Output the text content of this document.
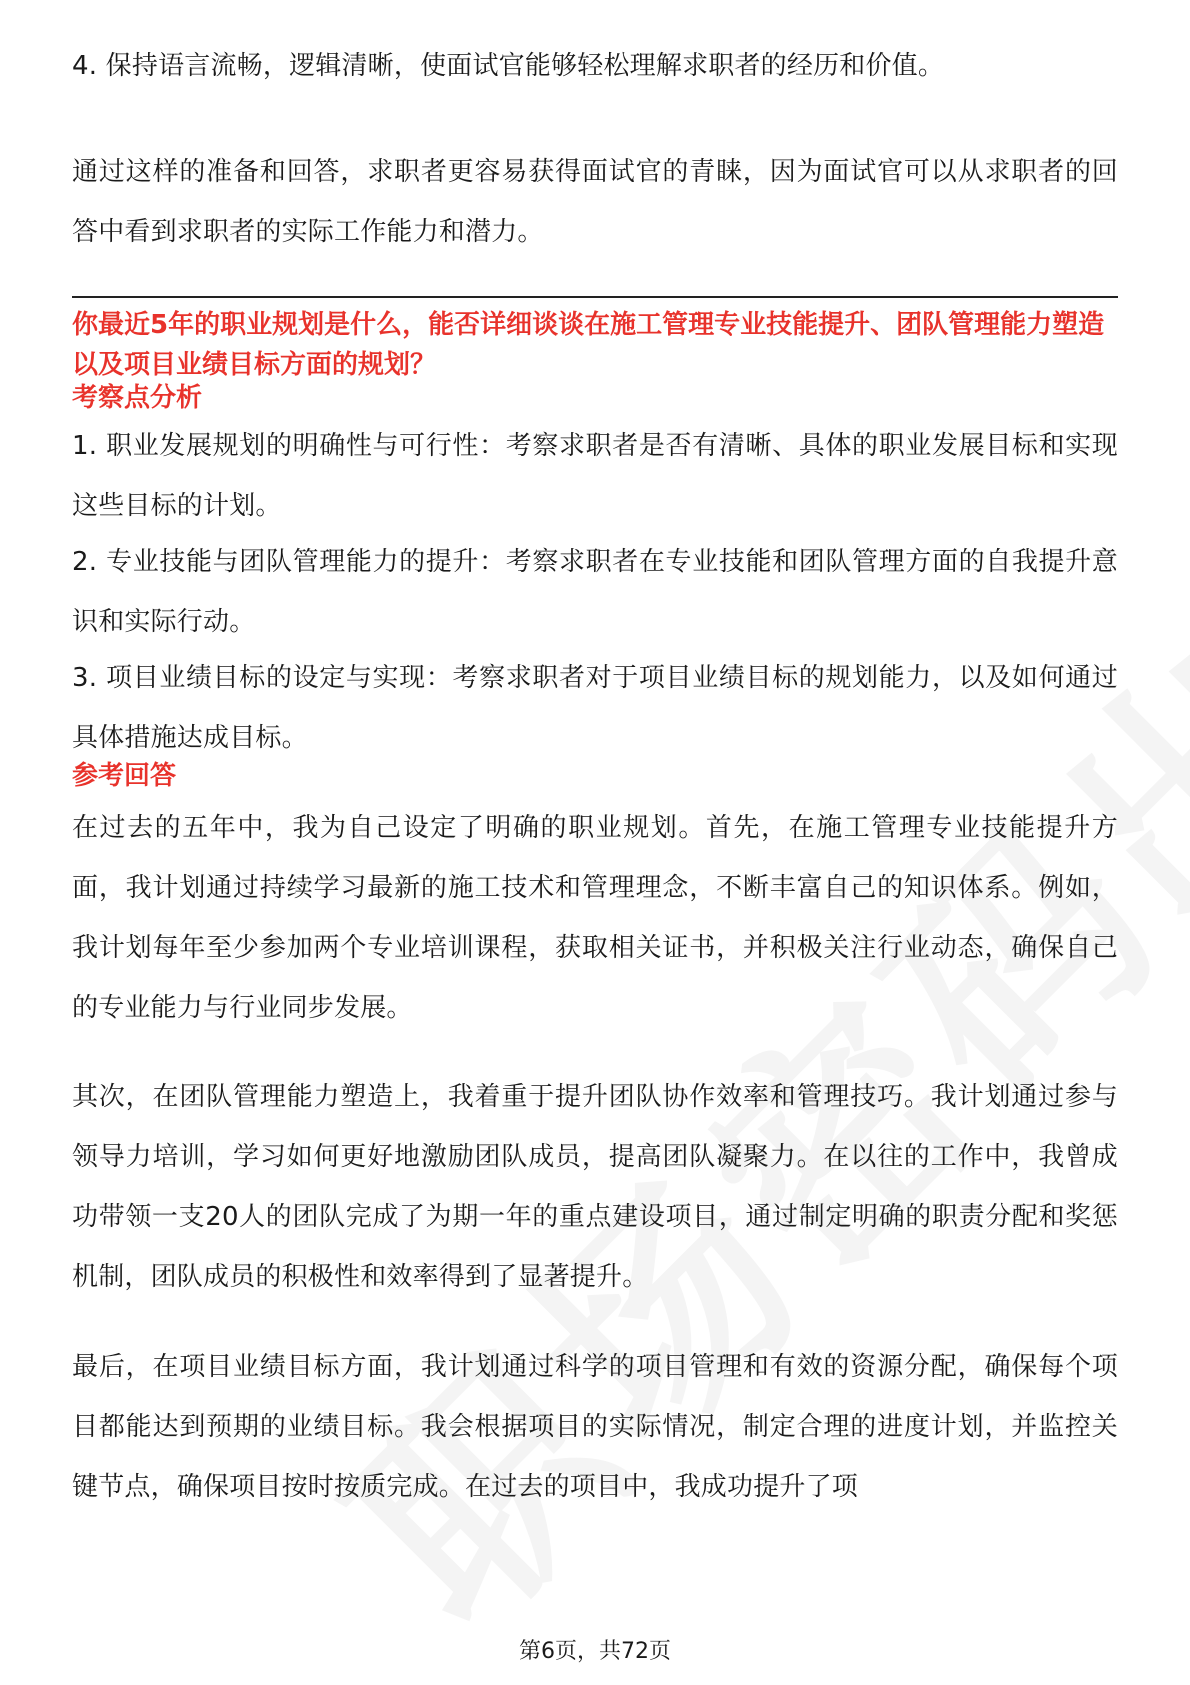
4. 保持语言流畅，逻辑清晰，使面试官能够轻松理解求职者的经历和价值。

通过这样的准备和回答，求职者更容易获得面试官的青睐，因为面试官可以从求职者的回答中看到求职者的实际工作能力和潜力。

你最近5年的职业规划是什么，能否详细谈谈在施工管理专业技能提升、团队管理能力塑造以及项目业绩目标方面的规划？

考察点分析

1. 职业发展规划的明确性与可行性：考察求职者是否有清晰、具体的职业发展目标和实现这些目标的计划。

2. 专业技能与团队管理能力的提升：考察求职者在专业技能和团队管理方面的自我提升意识和实际行动。

3. 项目业绩目标的设定与实现：考察求职者对于项目业绩目标的规划能力，以及如何通过具体措施达成目标。

参考回答

在过去的五年中，我为自己设定了明确的职业规划。首先，在施工管理专业技能提升方面，我计划通过持续学习最新的施工技术和管理理念，不断丰富自己的知识体系。例如，我计划每年至少参加两个专业培训课程，获取相关证书，并积极关注行业动态，确保自己的专业能力与行业同步发展。

其次，在团队管理能力塑造上，我着重于提升团队协作效率和管理技巧。我计划通过参与领导力培训，学习如何更好地激励团队成员，提高团队凝聚力。在以往的工作中，我曾成功带领一支20人的团队完成了为期一年的重点建设项目，通过制定明确的职责分配和奖惩机制，团队成员的积极性和效率得到了显著提升。

最后，在项目业绩目标方面，我计划通过科学的项目管理和有效的资源分配，确保每个项目都能达到预期的业绩目标。我会根据项目的实际情况，制定合理的进度计划，并监控关键节点，确保项目按时按质完成。在过去的项目中，我成功提升了项

第6页，共72页
